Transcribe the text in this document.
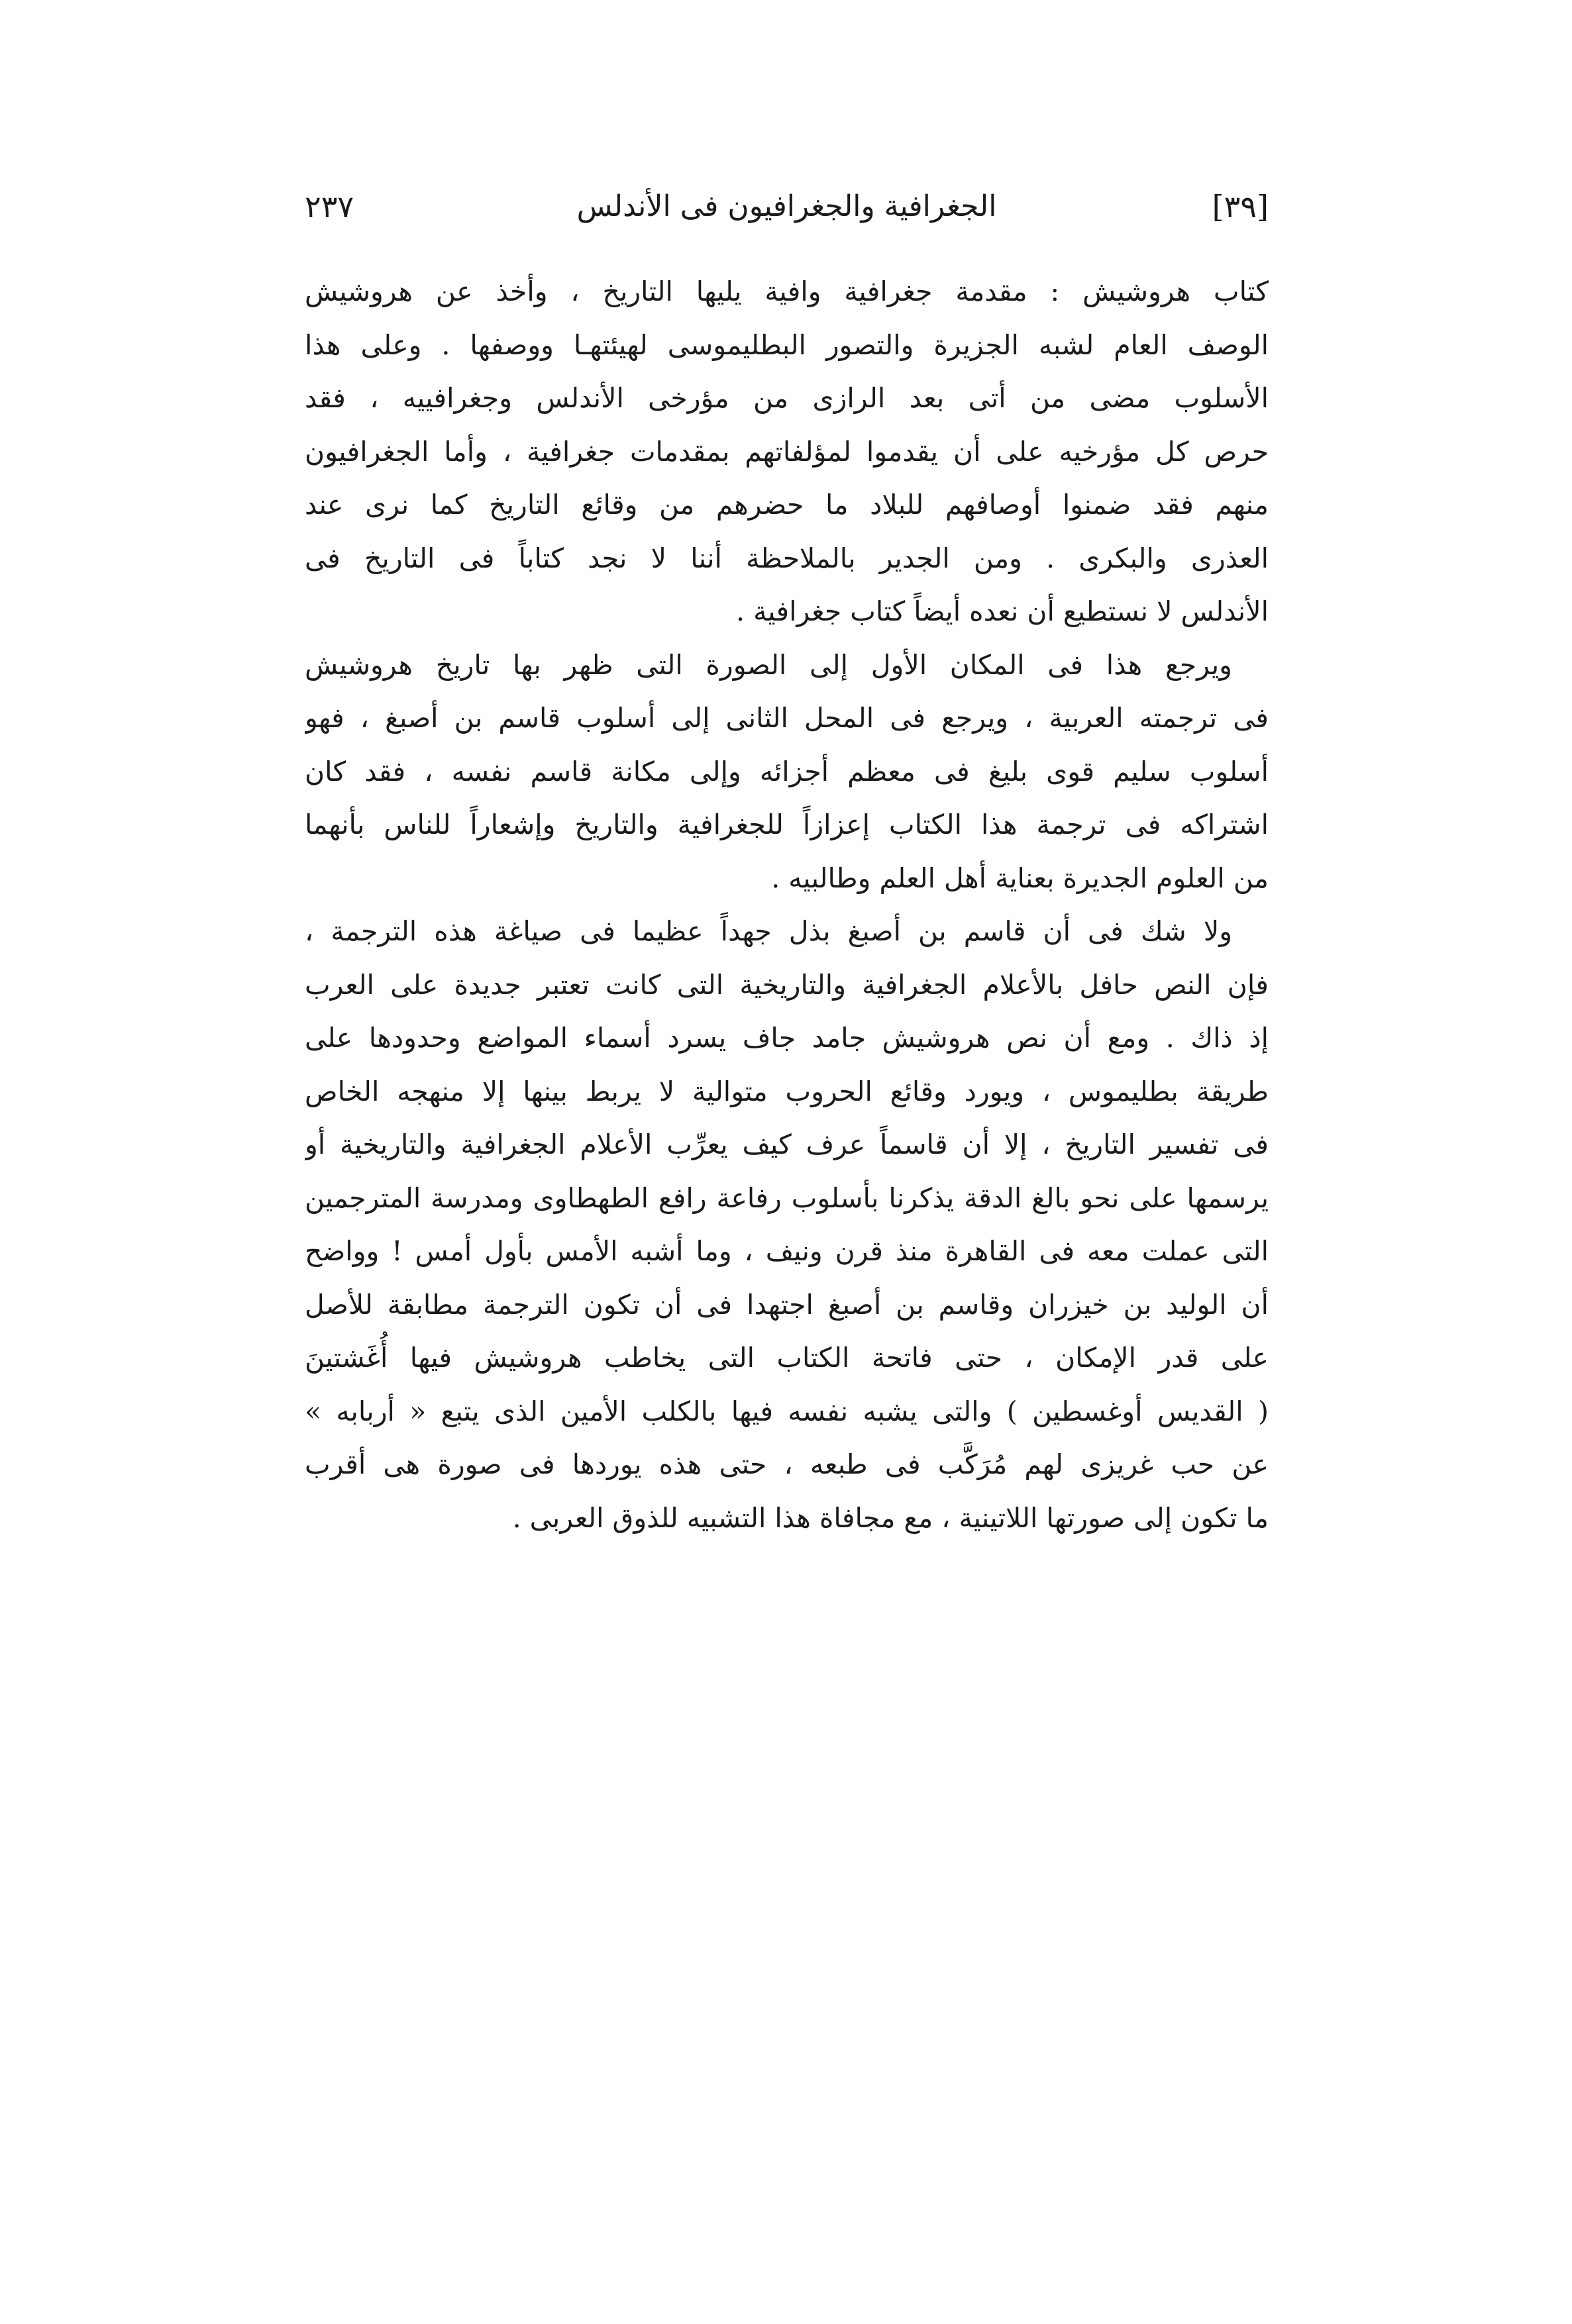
[٣٩]
الجغرافية والجغرافيون فى الأندلس
٢٣٧
كتاب هروشيش : مقدمة جغرافية وافية يليها التاريخ ، وأخذ عن هروشيش
الوصف العام لشبه الجزيرة والتصور البطليموسى لهيئتهـا ووصفها . وعلى هذا
الأسلوب مضى من أتى بعد الرازى من مؤرخى الأندلس وجغرافييه ، فقد
حرص كل مؤرخيه على أن يقدموا لمؤلفاتهم بمقدمات جغرافية ، وأما الجغرافيون
منهم فقد ضمنوا أوصافهم للبلاد ما حضرهم من وقائع التاريخ كما نرى عند
العذرى والبكرى . ومن الجدير بالملاحظة أننا لا نجد كتاباً فى التاريخ فى
الأندلس لا نستطيع أن نعده أيضاً كتاب جغرافية .
ويرجع هذا فى المكان الأول إلى الصورة التى ظهر بها تاريخ هروشيش
فى ترجمته العربية ، ويرجع فى المحل الثانى إلى أسلوب قاسم بن أصبغ ، فهو
أسلوب سليم قوى بليغ فى معظم أجزائه وإلى مكانة قاسم نفسه ، فقد كان
اشتراكه فى ترجمة هذا الكتاب إعزازاً للجغرافية والتاريخ وإشعاراً للناس بأنهما
من العلوم الجديرة بعناية أهل العلم وطالبيه .
ولا شك فى أن قاسم بن أصبغ بذل جهداً عظيما فى صياغة هذه الترجمة ،
فإن النص حافل بالأعلام الجغرافية والتاريخية التى كانت تعتبر جديدة على العرب
إذ ذاك . ومع أن نص هروشيش جامد جاف يسرد أسماء المواضع وحدودها على
طريقة بطليموس ، ويورد وقائع الحروب متوالية لا يربط بينها إلا منهجه الخاص
فى تفسير التاريخ ، إلا أن قاسماً عرف كيف يعرِّب الأعلام الجغرافية والتاريخية أو
يرسمها على نحو بالغ الدقة يذكرنا بأسلوب رفاعة رافع الطهطاوى ومدرسة المترجمين
التى عملت معه فى القاهرة منذ قرن ونيف ، وما أشبه الأمس بأول أمس ! وواضح
أن الوليد بن خيزران وقاسم بن أصبغ اجتهدا فى أن تكون الترجمة مطابقة للأصل
على قدر الإمكان ، حتى فاتحة الكتاب التى يخاطب هروشيش فيها أُغَشتينَ
( القديس أوغسطين ) والتى يشبه نفسه فيها بالكلب الأمين الذى يتبع « أربابه »
عن حب غريزى لهم مُرَكَّب فى طبعه ، حتى هذه يوردها فى صورة هى أقرب
ما تكون إلى صورتها اللاتينية ، مع مجافاة هذا التشبيه للذوق العربى .
